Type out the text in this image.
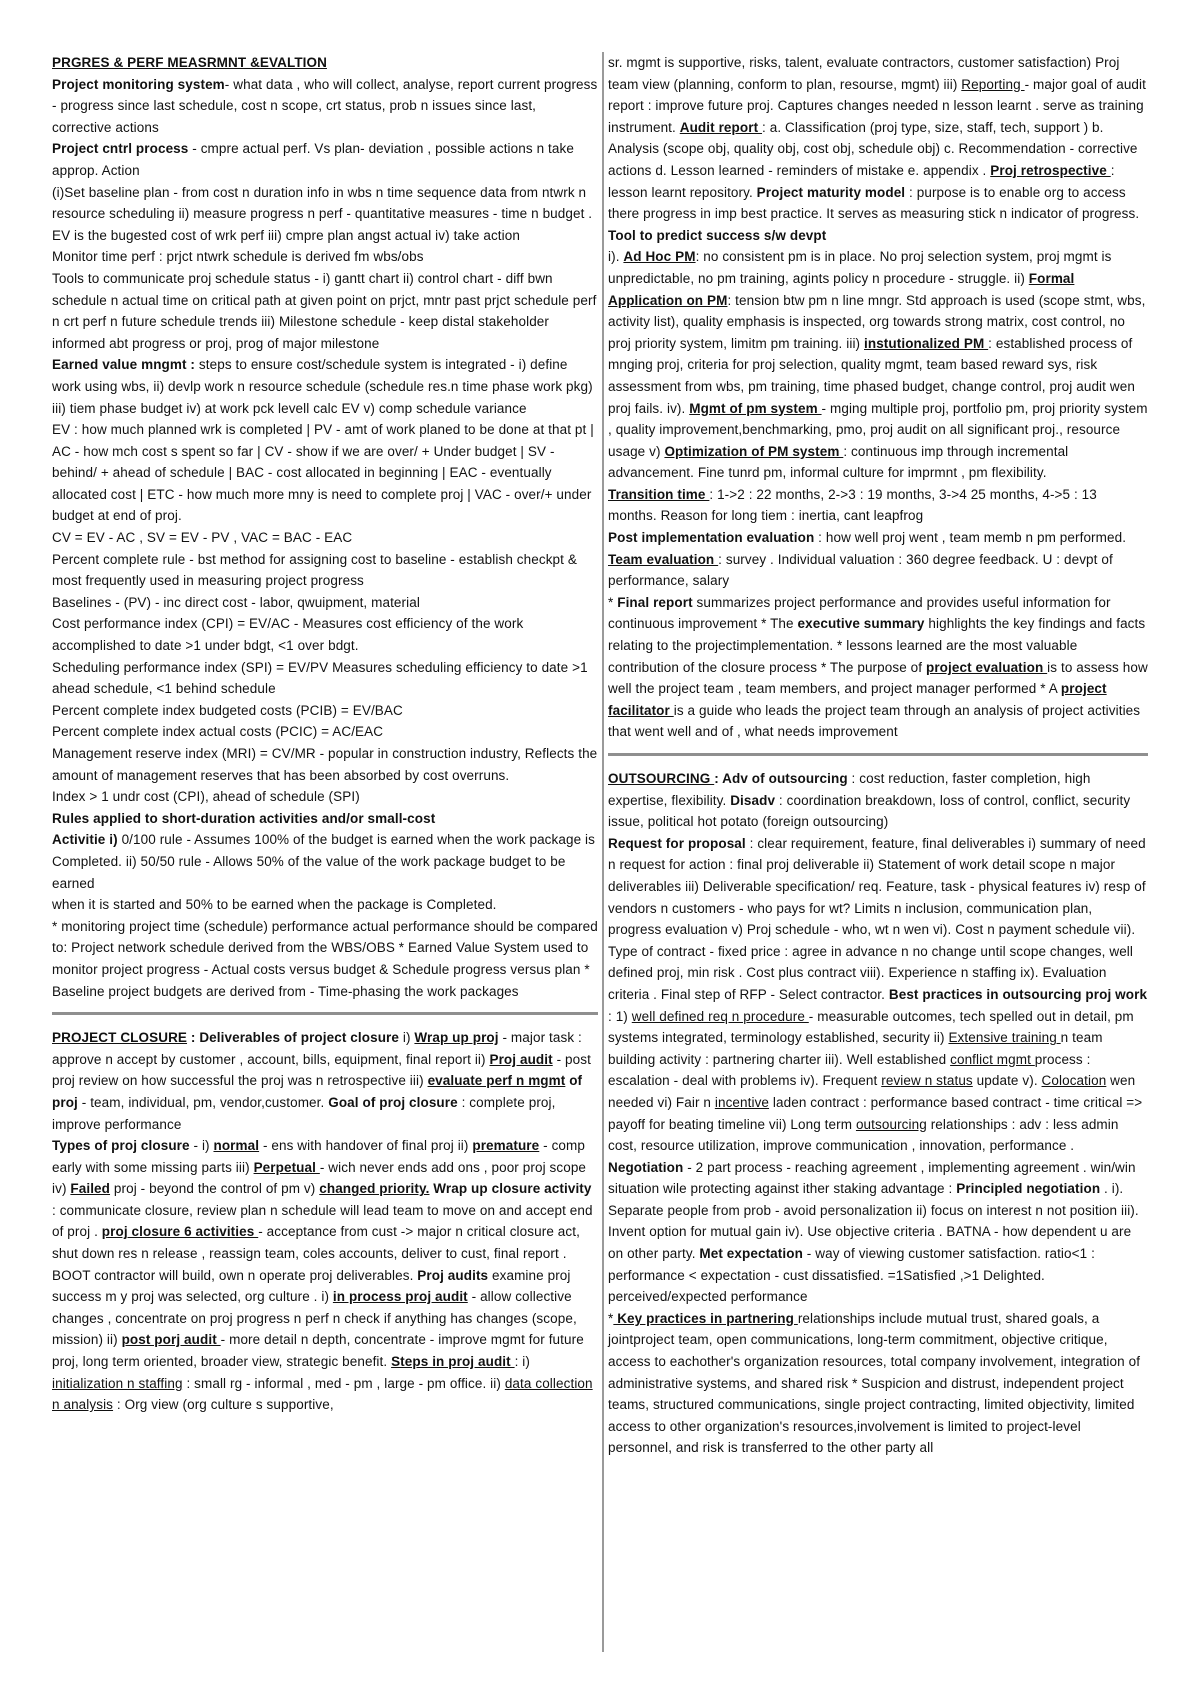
PRGRES & PERF MEASRMNT &EVALTION

Project monitoring system- what data , who will collect, analyse, report current progress - progress since last schedule, cost n scope, crt status, prob n issues since last, corrective actions

Project cntrl process - cmpre actual perf. Vs plan- deviation , possible actions n take approp. Action

(i)Set baseline plan - from cost n duration info in wbs n time sequence data from ntwrk n resource scheduling ii) measure progress n perf - quantitative measures - time n budget . EV is the bugested cost of wrk perf iii) cmpre plan angst actual iv) take action

Monitor time perf : prjct ntwrk schedule is derived fm wbs/obs

Tools to communicate proj schedule status - i) gantt chart ii) control chart - diff bwn schedule n actual time on critical path at given point on prjct, mntr past prjct schedule perf n crt perf n future schedule trends iii) Milestone schedule - keep distal stakeholder informed abt progress or proj, prog of major milestone

Earned value mngmt : steps to ensure cost/schedule system is integrated - i) define work using wbs, ii) devlp work n resource schedule (schedule res.n time phase work pkg) iii) tiem phase budget iv) at work pck levell calc EV v) comp schedule variance

EV : how much planned wrk is completed | PV - amt of work planed to be done at that pt | AC - how mch cost s spent so far | CV - show if we are over/ + Under budget | SV - behind/ + ahead of schedule | BAC - cost allocated in beginning | EAC - eventually allocated cost | ETC - how much more mny is need to complete proj | VAC - over/+ under budget at end of proj.

CV = EV - AC , SV = EV - PV , VAC = BAC - EAC

Percent complete rule - bst method for assigning cost to baseline - establish checkpt & most frequently used in measuring project progress

Baselines - (PV) - inc direct cost - labor, qwuipment, material

Cost performance index (CPI) = EV/AC - Measures cost efficiency of the work accomplished to date >1 under bdgt, <1 over bdgt.

Scheduling performance index (SPI) = EV/PV Measures scheduling efficiency to date >1 ahead schedule, <1 behind schedule

Percent complete index budgeted costs (PCIB) = EV/BAC

Percent complete index actual costs (PCIC) = AC/EAC

Management reserve index (MRI) = CV/MR - popular in construction industry, Reflects the amount of management reserves that has been absorbed by cost overruns.

Index > 1 undr cost (CPI), ahead of schedule (SPI)

Rules applied to short-duration activities and/or small-cost

Activitie i) 0/100 rule - Assumes 100% of the budget is earned when the work package is

Completed. ii) 50/50 rule - Allows 50% of the value of the work package budget to be earned

when it is started and 50% to be earned when the package is Completed.

* monitoring project time (schedule) performance actual performance should be compared to: Project network schedule derived from the WBS/OBS * Earned Value System used to monitor project progress - Actual costs versus budget & Schedule progress versus plan * Baseline project budgets are derived from - Time-phasing the work packages

PROJECT CLOSURE : Deliverables of project closure i) Wrap up proj - major task : approve n accept by customer , account, bills, equipment, final report ii) Proj audit - post proj review on how successful the proj was n retrospective iii) evaluate perf n mgmt of proj - team, individual, pm, vendor,customer. Goal of proj closure : complete proj, improve performance

Types of proj closure - i) normal - ens with handover of final proj ii) premature - comp early with some missing parts iii) Perpetual - wich never ends add ons , poor proj scope iv) Failed proj - beyond the control of pm v) changed priority. Wrap up closure activity : communicate closure, review plan n schedule will lead team to move on and accept end of proj . proj closure 6 activities - acceptance from cust -> major n critical closure act, shut down res n release , reassign team, coles accounts, deliver to cust, final report . BOOT contractor will build, own n operate proj deliverables. Proj audits examine proj success m y proj was selected, org culture . i) in process proj audit - allow collective changes , concentrate on proj progress n perf n check if anything has changes (scope, mission) ii) post porj audit - more detail n depth, concentrate - improve mgmt for future proj, long term oriented, broader view, strategic benefit. Steps in proj audit : i) initialization n staffing : small rg - informal , med - pm , large - pm office. ii) data collection n analysis : Org view (org culture s supportive,

sr. mgmt is supportive, risks, talent, evaluate contractors, customer satisfaction) Proj team view (planning, conform to plan, resourse, mgmt) iii) Reporting - major goal of audit report : improve future proj. Captures changes needed n lesson learnt . serve as training instrument. Audit report : a. Classification (proj type, size, staff, tech, support ) b. Analysis (scope obj, quality obj, cost obj, schedule obj) c. Recommendation - corrective actions d. Lesson learned - reminders of mistake e. appendix . Proj retrospective : lesson learnt repository. Project maturity model : purpose is to enable org to access there progress in imp best practice. It serves as measuring stick n indicator of progress. Tool to predict success s/w devpt

i). Ad Hoc PM: no consistent pm is in place. No proj selection system, proj mgmt is unpredictable, no pm training, agints policy n procedure - struggle. ii) Formal Application on PM: tension btw pm n line mngr. Std approach is used (scope stmt, wbs, activity list), quality emphasis is inspected, org towards strong matrix, cost control, no proj priority system, limitm pm training. iii) instutionalized PM : established process of mnging proj, criteria for proj selection, quality mgmt, team based reward sys, risk assessment from wbs, pm training, time phased budget, change control, proj audit wen proj fails. iv). Mgmt of pm system - mging multiple proj, portfolio pm, proj priority system , quality improvement,benchmarking, pmo, proj audit on all significant proj., resource usage v) Optimization of PM system : continuous imp through incremental advancement. Fine tunrd pm, informal culture for imprmnt , pm flexibility.

Transition time : 1->2 : 22 months, 2->3 : 19 months, 3->4 25 months, 4->5 : 13 months. Reason for long tiem : inertia, cant leapfrog

Post implementation evaluation : how well proj went , team memb n pm performed. Team evaluation : survey . Individual valuation : 360 degree feedback. U : devpt of performance, salary

* Final report summarizes project performance and provides useful information for continuous improvement * The executive summary highlights the key findings and facts relating to the projectimplementation. * lessons learned are the most valuable contribution of the closure process * The purpose of project evaluation is to assess how well the project team , team members, and project manager performed * A project facilitator is a guide who leads the project team through an analysis of project activities that went well and of , what needs improvement

OUTSOURCING : Adv of outsourcing : cost reduction, faster completion, high expertise, flexibility. Disadv : coordination breakdown, loss of control, conflict, security issue, political hot potato (foreign outsourcing)

Request for proposal : clear requirement, feature, final deliverables i) summary of need n request for action : final proj deliverable ii) Statement of work detail scope n major deliverables iii) Deliverable specification/ req. Feature, task - physical features iv) resp of vendors n customers - who pays for wt? Limits n inclusion, communication plan, progress evaluation v) Proj schedule - who, wt n wen vi). Cost n payment schedule vii). Type of contract - fixed price : agree in advance n no change until scope changes, well defined proj, min risk . Cost plus contract viii). Experience n staffing ix). Evaluation criteria . Final step of RFP - Select contractor. Best practices in outsourcing proj work : 1) well defined req n procedure - measurable outcomes, tech spelled out in detail, pm systems integrated, terminology established, security ii) Extensive training n team building activity : partnering charter iii). Well established conflict mgmt process : escalation - deal with problems iv). Frequent review n status update v). Colocation wen needed vi) Fair n incentive laden contract : performance based contract - time critical => payoff for beating timeline vii) Long term outsourcing relationships : adv : less admin cost, resource utilization, improve communication , innovation, performance . Negotiation - 2 part process - reaching agreement , implementing agreement . win/win situation wile protecting against ither staking advantage : Principled negotiation . i). Separate people from prob - avoid personalization ii) focus on interest n not position iii). Invent option for mutual gain iv). Use objective criteria . BATNA - how dependent u are on other party. Met expectation - way of viewing customer satisfaction. ratio<1 : performance < expectation - cust dissatisfied. =1Satisfied ,>1 Delighted. perceived/expected performance

* Key practices in partnering relationships include mutual trust, shared goals, a jointproject team, open communications, long-term commitment, objective critique, access to eachother's organization resources, total company involvement, integration of administrative systems, and shared risk * Suspicion and distrust, independent project teams, structured communications, single project contracting, limited objectivity, limited access to other organization's resources,involvement is limited to project-level personnel, and risk is transferred to the other party all
